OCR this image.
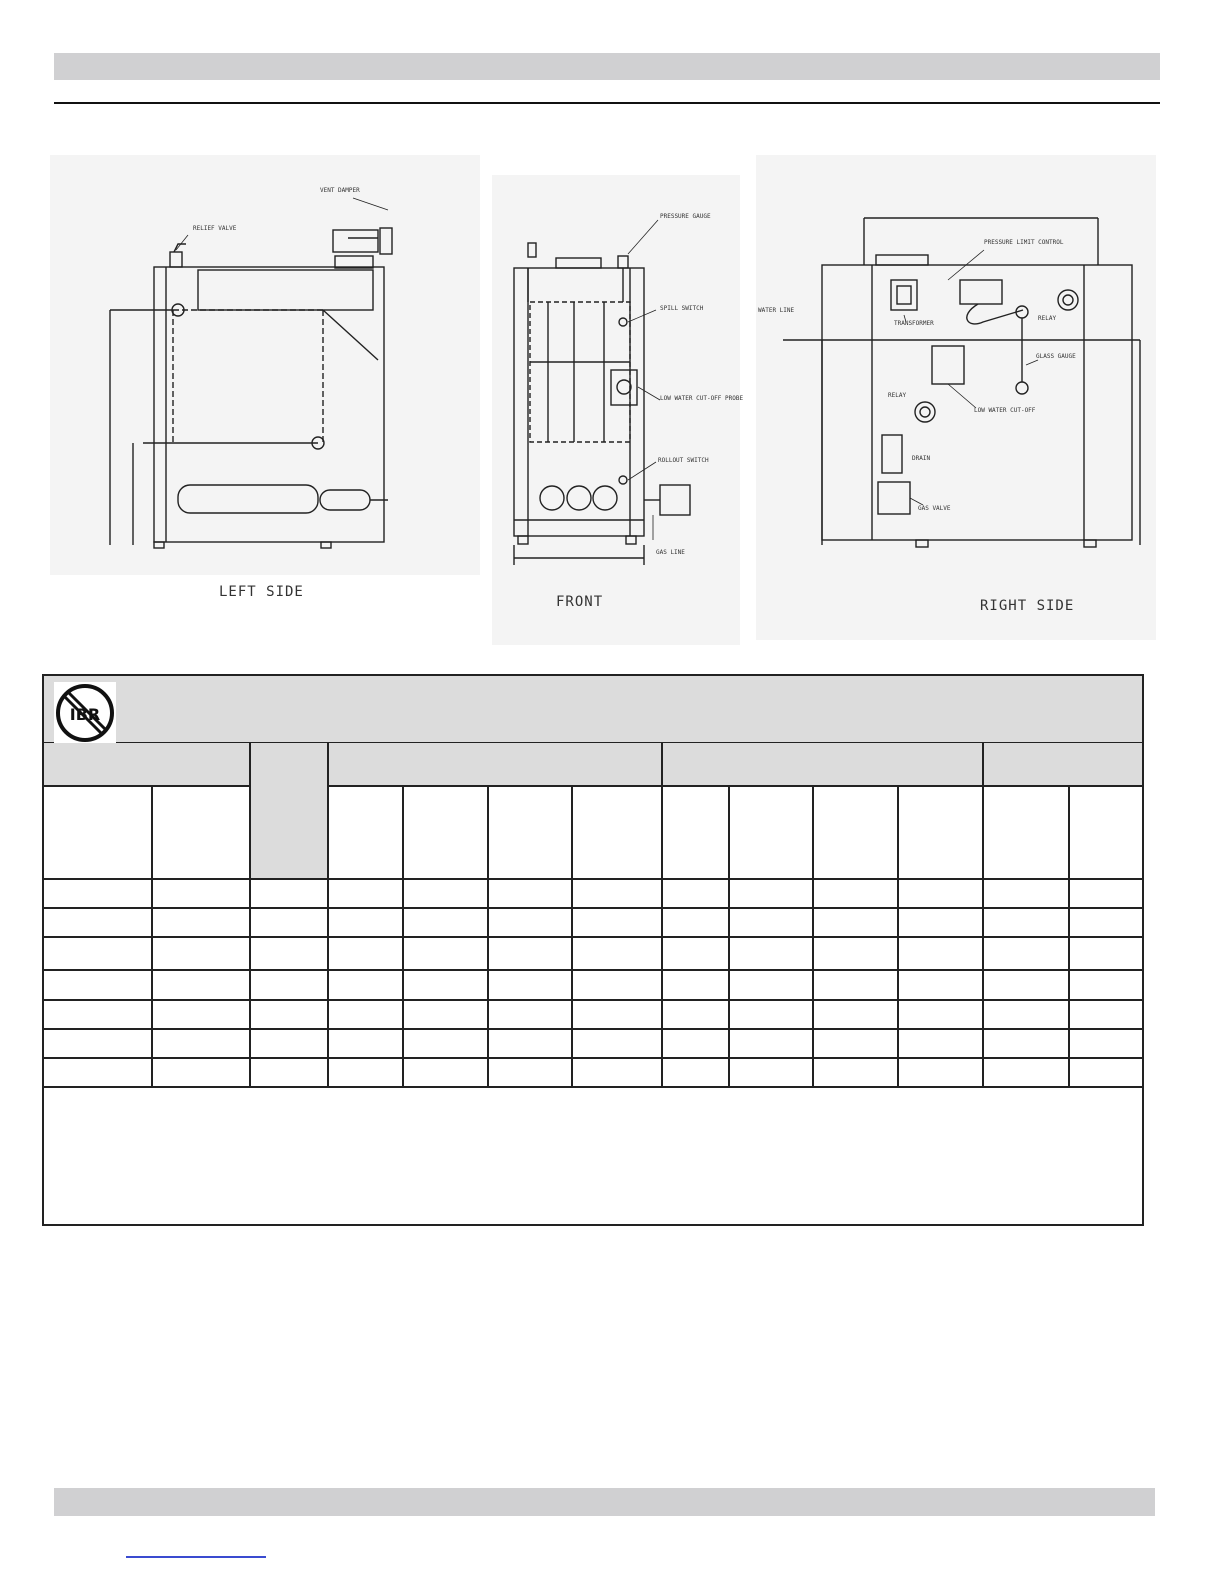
VENT DAMPER
RELIEF VALVE
PRESSURE GAUGE
SPILL SWITCH
LOW WATER CUT-OFF PROBE
ROLLOUT SWITCH
GAS LINE
PRESSURE LIMIT CONTROL
TRANSFORMER
WATER LINE
RELAY
GLASS GAUGE
RELAY
LOW WATER CUT-OFF
DRAIN
GAS VALVE
LEFT SIDE
FRONT	RIGHT SIDE
IBR
